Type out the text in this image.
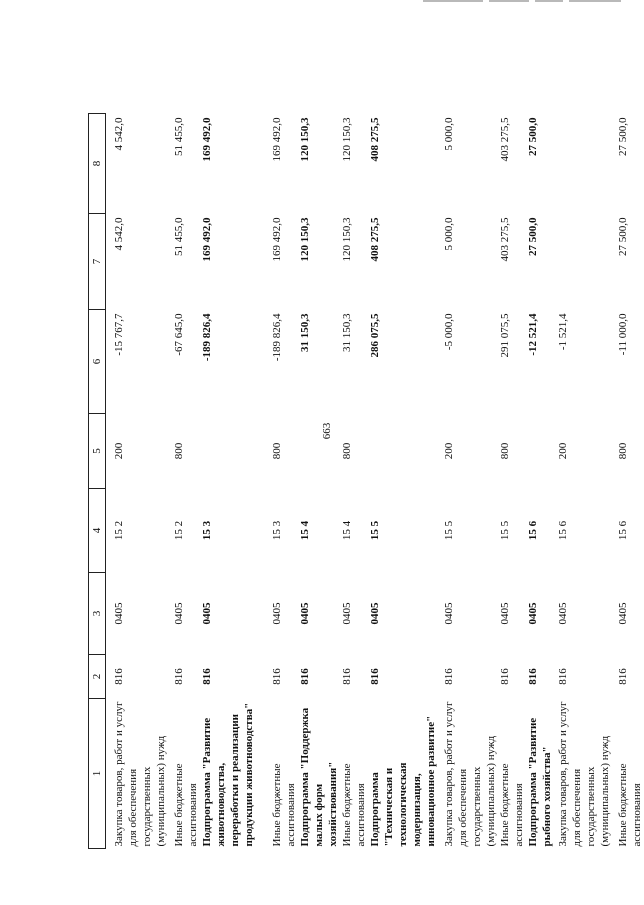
663
1	2	3	4	5	6	7	8
Закупка товаров, работ и услуг для обеспечения государственных (муниципальных) нужд	816	0405	15 2	200	-15 767,7	4 542,0	4 542,0
Иные бюджетные ассигнования	816	0405	15 2	800	-67 645,0	51 455,0	51 455,0
Подпрограмма "Развитие животноводства, переработки и реализации продукции животноводства"	816	0405	15 3		-189 826,4	169 492,0	169 492,0
Иные бюджетные ассигнования	816	0405	15 3	800	-189 826,4	169 492,0	169 492,0
Подпрограмма "Поддержка малых форм хозяйствования"	816	0405	15 4		31 150,3	120 150,3	120 150,3
Иные бюджетные ассигнования	816	0405	15 4	800	31 150,3	120 150,3	120 150,3
Подпрограмма "Техническая и технологическая модернизация, инновационное развитие"	816	0405	15 5		286 075,5	408 275,5	408 275,5
Закупка товаров, работ и услуг для обеспечения государственных (муниципальных) нужд	816	0405	15 5	200	-5 000,0	5 000,0	5 000,0
Иные бюджетные ассигнования	816	0405	15 5	800	291 075,5	403 275,5	403 275,5
Подпрограмма "Развитие рыбного хозяйства"	816	0405	15 6		-12 521,4	27 500,0	27 500,0
Закупка товаров, работ и услуг для обеспечения государственных (муниципальных) нужд	816	0405	15 6	200	-1 521,4		
Иные бюджетные ассигнования	816	0405	15 6	800	-11 000,0	27 500,0	27 500,0
